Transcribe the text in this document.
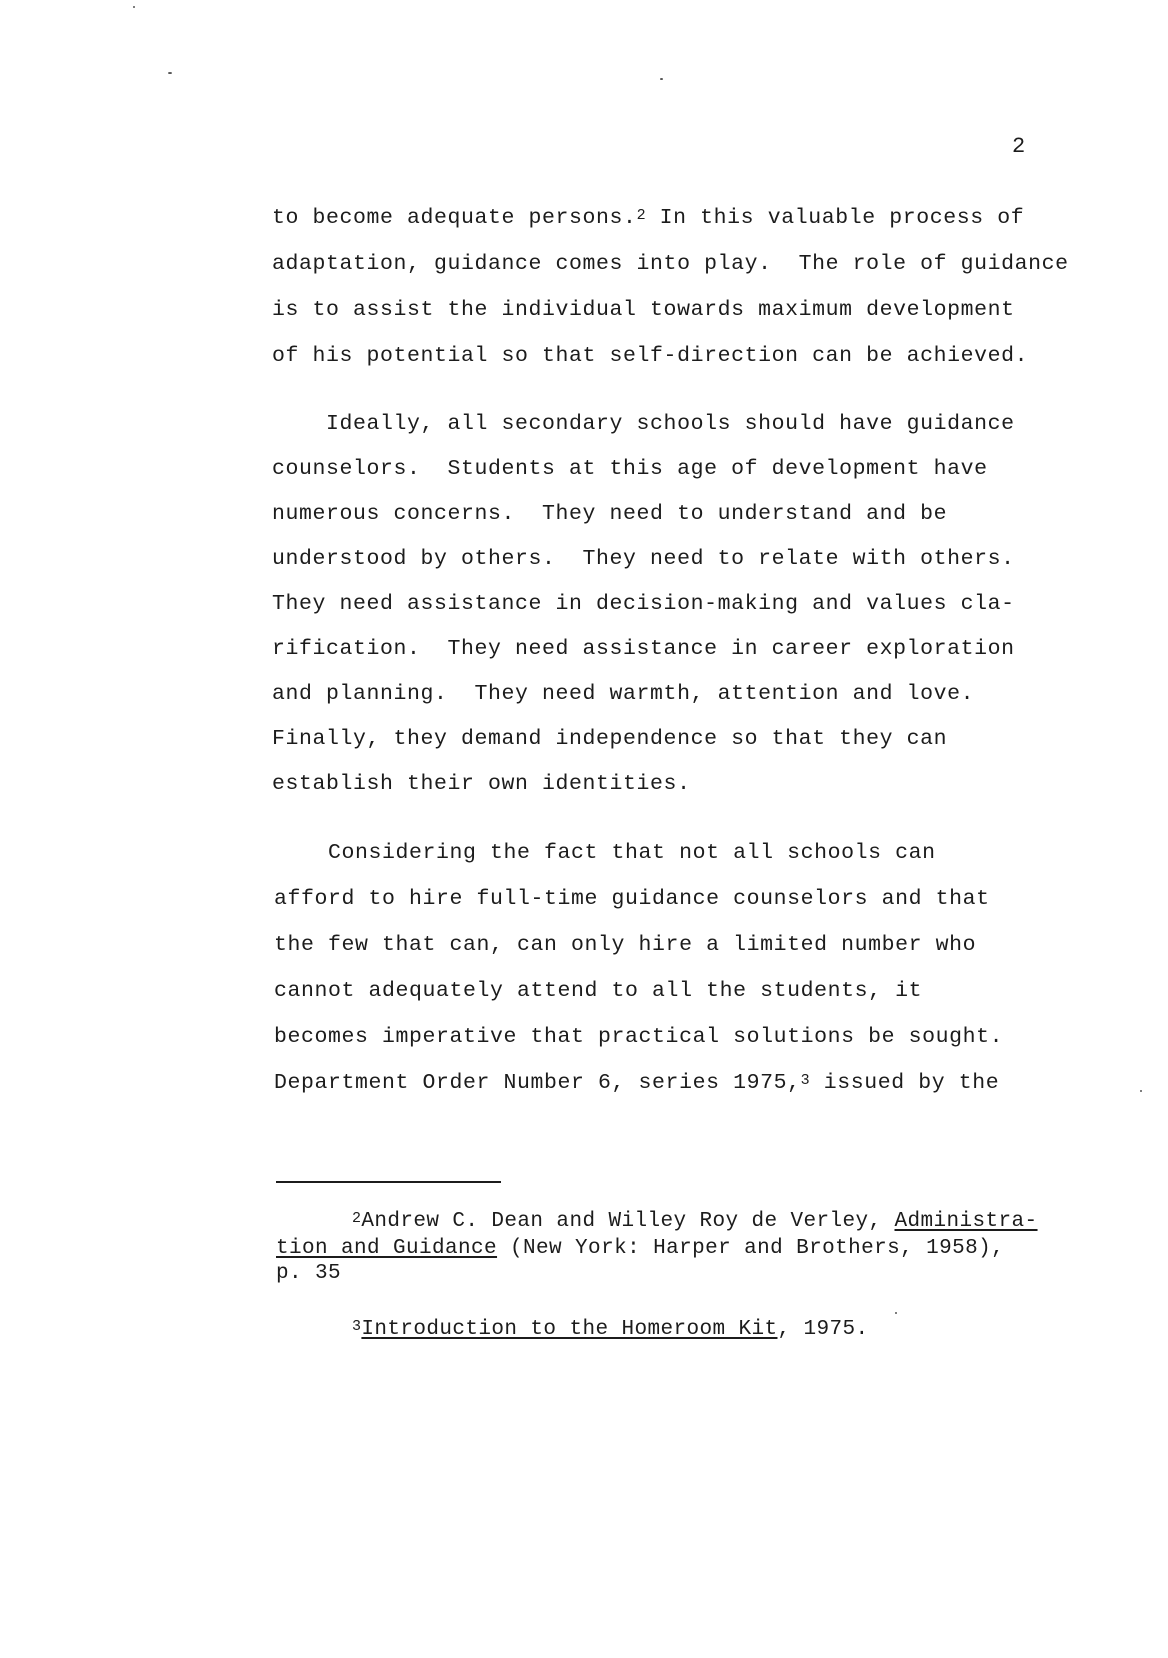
2
to become adequate persons.$^2$ In this valuable process of
adaptation, guidance comes into play.  The role of guidance
is to assist the individual towards maximum development
of his potential so that self-direction can be achieved.
Ideally, all secondary schools should have guidance
counselors.  Students at this age of development have
numerous concerns.  They need to understand and be
understood by others.  They need to relate with others.
They need assistance in decision-making and values cla-
rification.  They need assistance in career exploration
and planning.  They need warmth, attention and love.
Finally, they demand independence so that they can
establish their own identities.
Considering the fact that not all schools can
afford to hire full-time guidance counselors and that
the few that can, can only hire a limited number who
cannot adequately attend to all the students, it
becomes imperative that practical solutions be sought.
Department Order Number 6, series 1975,$^3$ issued by the
$^2$Andrew C. Dean and Willey Roy de Verley, Administra-
tion and Guidance (New York: Harper and Brothers, 1958),
p. 35
$^3$Introduction to the Homeroom Kit, 1975.
